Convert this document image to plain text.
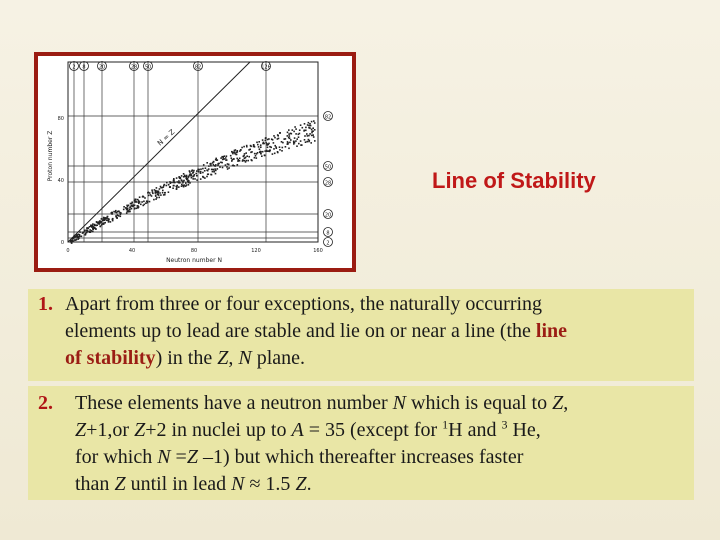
N = Z
2 8	20	28 50	82	126
82
50
28
20
8
2
0	40	80	120	160
0
40
80
Neutron number N
Proton number Z	Line of Stability
1. Apart from three or four exceptions, the naturally occurring
elements up to lead are stable and lie on or near a line (the line
of stability) in the Z, N plane.
2. These elements have a neutron number N which is equal to Z,
Z+1,or Z+2 in nuclei up to A = 35 (except for $^1$H and $^3$ He,
for which N =Z –1) but which thereafter increases faster
than Z until in lead N ≈ 1.5 Z.
